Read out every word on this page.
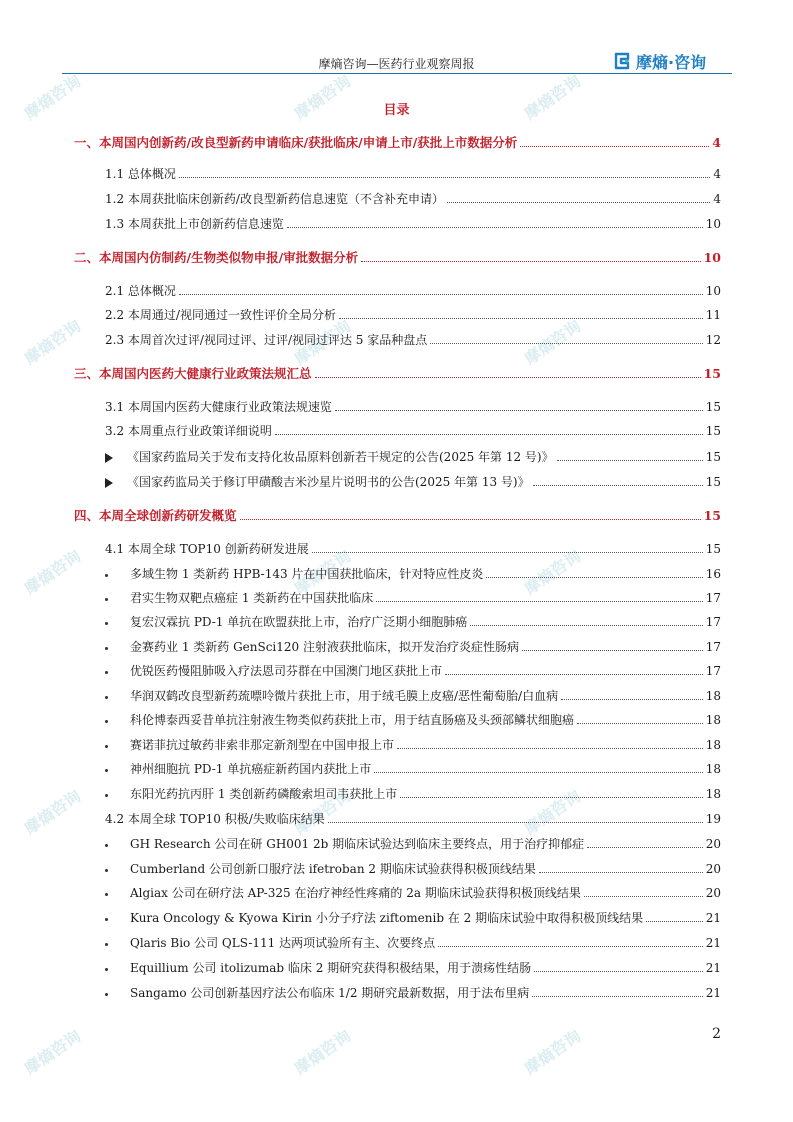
摩熵咨询	摩熵咨询	摩熵咨询
摩熵咨询	摩熵咨询	摩熵咨询
摩熵咨询	摩熵咨询	摩熵咨询
摩熵咨询	摩熵咨询	摩熵咨询
摩熵咨询	摩熵咨询	摩熵咨询
摩熵咨询—医药行业观察周报	摩熵·咨询
目录
一、本周国内创新药/改良型新药申请临床/获批临床/申请上市/获批上市数据分析	4
1.1 总体概况	4
1.2 本周获批临床创新药/改良型新药信息速览（不含补充申请）	4
1.3 本周获批上市创新药信息速览	10
二、本周国内仿制药/生物类似物申报/审批数据分析	10
2.1 总体概况	10
2.2 本周通过/视同通过一致性评价全局分析	11
2.3 本周首次过评/视同过评、过评/视同过评达 5 家品种盘点	12
三、本周国内医药大健康行业政策法规汇总	15
3.1 本周国内医药大健康行业政策法规速览	15
3.2 本周重点行业政策详细说明	15
《国家药监局关于发布支持化妆品原料创新若干规定的公告(2025 年第 12 号)》	15
《国家药监局关于修订甲磺酸吉米沙星片说明书的公告(2025 年第 13 号)》	15
四、本周全球创新药研发概览	15
4.1 本周全球 TOP10 创新药研发进展	15
多域生物 1 类新药 HPB-143 片在中国获批临床，针对特应性皮炎	16
君实生物双靶点癌症 1 类新药在中国获批临床	17
复宏汉霖抗 PD-1 单抗在欧盟获批上市，治疗广泛期小细胞肺癌	17
金赛药业 1 类新药 GenSci120 注射液获批临床，拟开发治疗炎症性肠病	17
优锐医药慢阻肺吸入疗法恩司芬群在中国澳门地区获批上市	17
华润双鹤改良型新药巯嘌呤微片获批上市，用于绒毛膜上皮癌/恶性葡萄胎/白血病	18
科伦博泰西妥昔单抗注射液生物类似药获批上市，用于结直肠癌及头颈部鳞状细胞癌	18
赛诺菲抗过敏药非索非那定新剂型在中国申报上市	18
神州细胞抗 PD-1 单抗癌症新药国内获批上市	18
东阳光药抗丙肝 1 类创新药磷酸索坦司韦获批上市	18
4.2 本周全球 TOP10 积极/失败临床结果	19
GH Research 公司在研 GH001 2b 期临床试验达到临床主要终点，用于治疗抑郁症	20
Cumberland 公司创新口服疗法 ifetroban 2 期临床试验获得积极顶线结果	20
Algiax 公司在研疗法 AP-325 在治疗神经性疼痛的 2a 期临床试验获得积极顶线结果	20
Kura Oncology & Kyowa Kirin 小分子疗法 ziftomenib 在 2 期临床试验中取得积极顶线结果	21
Qlaris Bio 公司 QLS-111 达两项试验所有主、次要终点	21
Equillium 公司 itolizumab 临床 2 期研究获得积极结果，用于溃疡性结肠	21
Sangamo 公司创新基因疗法公布临床 1/2 期研究最新数据，用于法布里病	21
2
